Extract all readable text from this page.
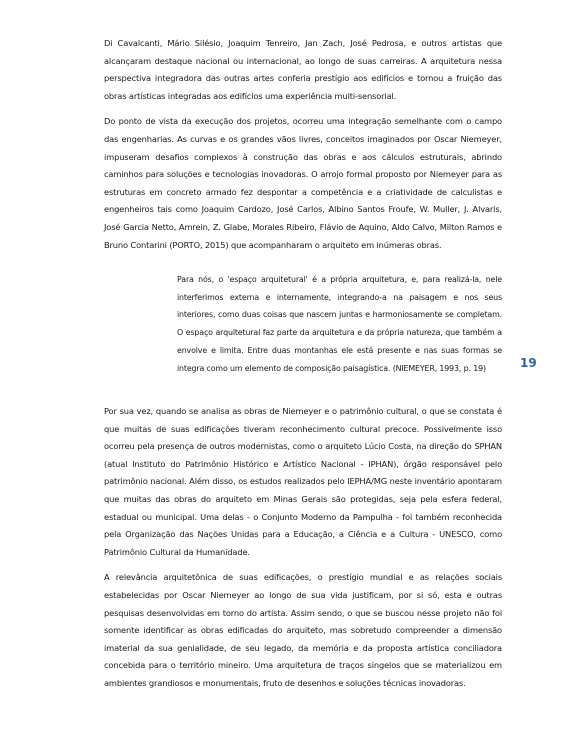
Di Cavalcanti, Mário Silésio, Joaquim Tenreiro, Jan Zach, José Pedrosa, e outros artistas que alcançaram destaque nacional ou internacional, ao longo de suas carreiras. A arquitetura nessa perspectiva integradora das outras artes conferia prestígio aos edifícios e tornou a fruição das obras artísticas integradas aos edifícios uma experiência multi-sensorial.

Do ponto de vista da execução dos projetos, ocorreu uma integração semelhante com o campo das engenharias. As curvas e os grandes vãos livres, conceitos imaginados por Oscar Niemeyer, impuseram desafios complexos à construção das obras e aos cálculos estruturais, abrindo caminhos para soluções e tecnologias inovadoras. O arrojo formal proposto por Niemeyer para as estruturas em concreto armado fez despontar a competência e a criatividade de calculistas e engenheiros tais como Joaquim Cardozo, José Carlos, Albino Santos Froufe, W. Muller, J. Alvaris, José Garcia Netto, Amrein, Z. Glabe, Morales Ribeiro, Flávio de Aquino, Aldo Calvo, Milton Ramos e Bruno Contarini (PORTO, 2015) que acompanharam o arquiteto em inúmeras obras.

Para nós, o 'espaço arquitetural' é a própria arquitetura, e, para realizá-la, nele interferimos externa e internamente, integrando-a na paisagem e nos seus interiores, como duas coisas que nascem juntas e harmoniosamente se completam. O espaço arquitetural faz parte da arquitetura e da própria natureza, que também a envolve e limita. Entre duas montanhas ele está presente e nas suas formas se integra como um elemento de composição paisagística. (NIEMEYER, 1993, p. 19)	19

Por sua vez, quando se analisa as obras de Niemeyer e o patrimônio cultural, o que se constata é que muitas de suas edificações tiveram reconhecimento cultural precoce. Possivelmente isso ocorreu pela presença de outros modernistas, como o arquiteto Lúcio Costa, na direção do SPHAN (atual Instituto do Patrimônio Histórico e Artístico Nacional - IPHAN), órgão responsável pelo patrimônio nacional. Além disso, os estudos realizados pelo IEPHA/MG neste inventário apontaram que muitas das obras do arquiteto em Minas Gerais são protegidas, seja pela esfera federal, estadual ou municipal. Uma delas - o Conjunto Moderno da Pampulha - foi também reconhecida pela Organização das Nações Unidas para a Educação, a Ciência e a Cultura - UNESCO, como Patrimônio Cultural da Humanidade.

A relevância arquitetônica de suas edificações, o prestígio mundial e as relações sociais estabelecidas por Oscar Niemeyer ao longo de sua vida justificam, por si só, esta e outras pesquisas desenvolvidas em torno do artista. Assim sendo, o que se buscou nesse projeto não foi somente identificar as obras edificadas do arquiteto, mas sobretudo compreender a dimensão imaterial da sua genialidade, de seu legado, da memória e da proposta artística conciliadora concebida para o território mineiro. Uma arquitetura de traços singelos que se materializou em ambientes grandiosos e monumentais, fruto de desenhos e soluções técnicas inovadoras.
